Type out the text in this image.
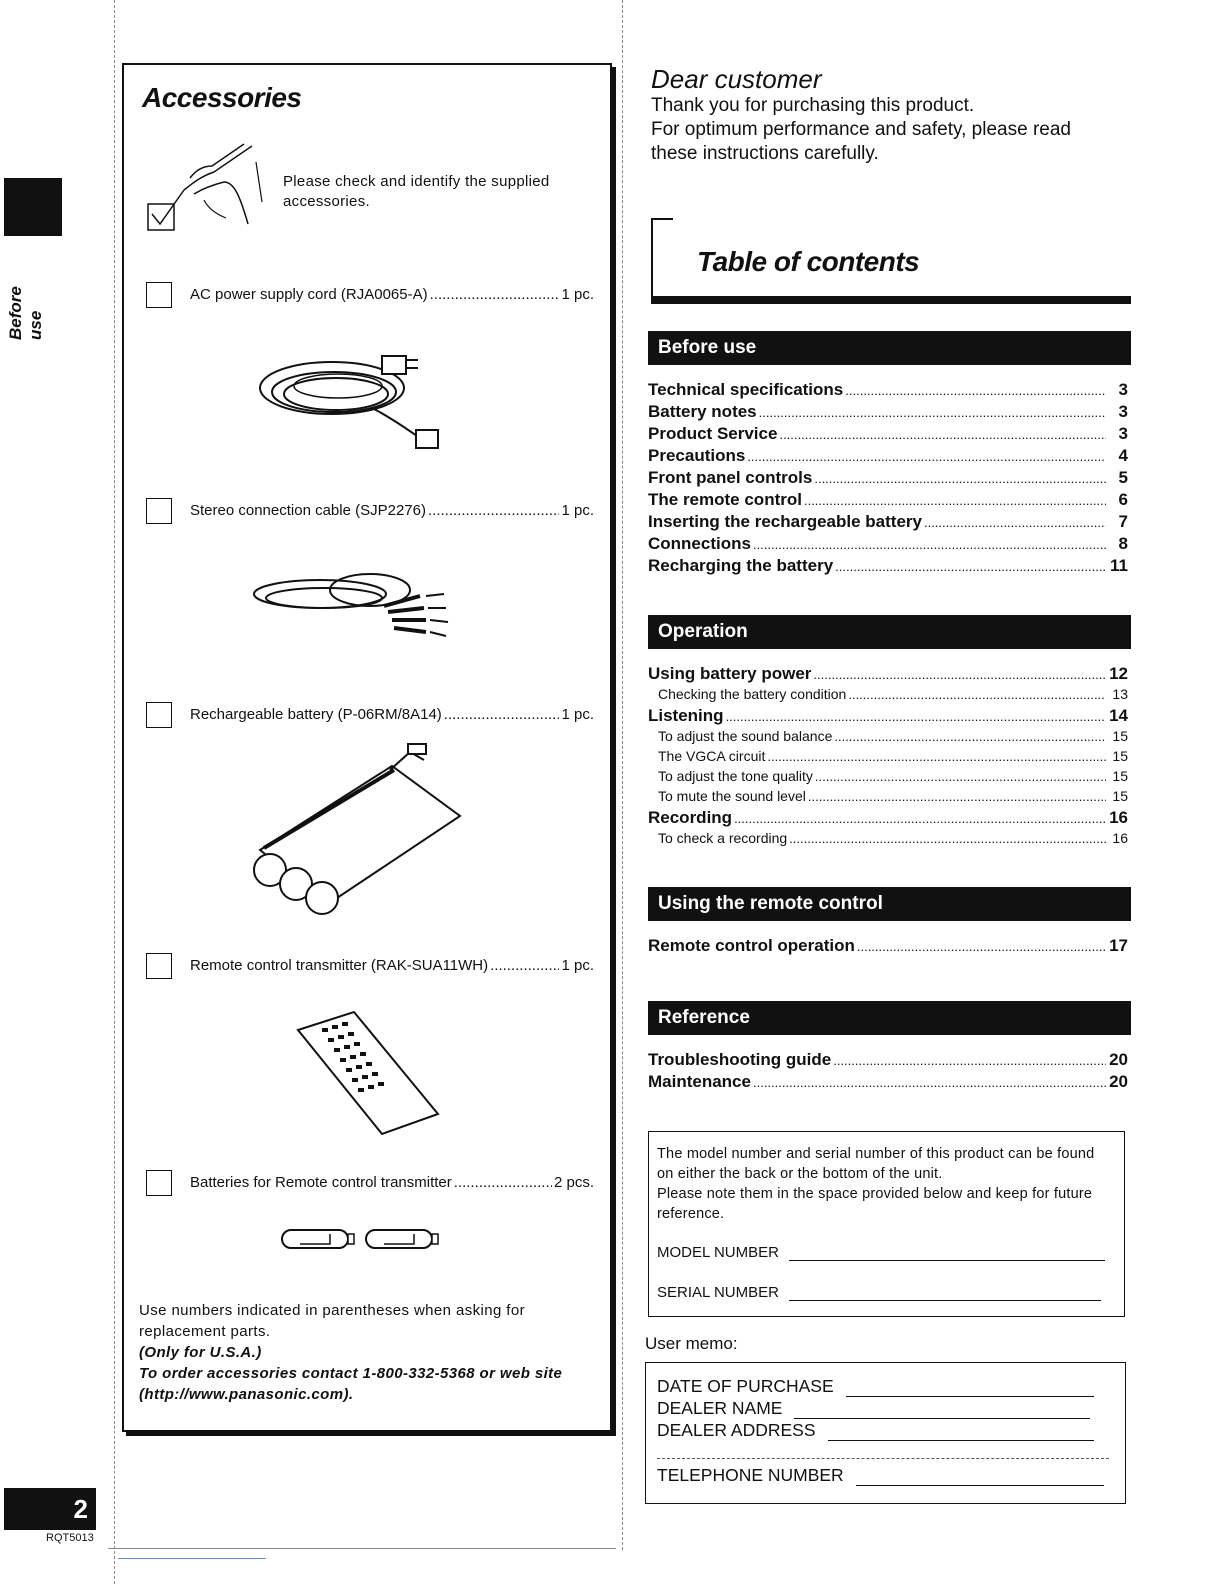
Before use
2
RQT5013
Accessories
Please check and identify the supplied accessories.
AC power supply cord (RJA0065-A) .....	1 pc.
Stereo connection cable (SJP2276) .....	1 pc.
Rechargeable battery (P-06RM/8A14) .....	1 pc.
Remote control transmitter (RAK-SUA11WH) .....	1 pc.
Batteries for Remote control transmitter .....	2 pcs.
Use numbers indicated in parentheses when asking for replacement parts.
(Only for U.S.A.)
To order accessories contact 1-800-332-5368 or web site (http://www.panasonic.com).
Dear customer
Thank you for purchasing this product.
For optimum performance and safety, please read these instructions carefully.
Table of contents
Before use
Technical specifications .....	3
Battery notes .....	3
Product Service .....	3
Precautions .....	4
Front panel controls .....	5
The remote control .....	6
Inserting the rechargeable battery .....	7
Connections .....	8
Recharging the battery .....	11
Operation
Using battery power .....	12
Checking the battery condition .....	13
Listening .....	14
To adjust the sound balance .....	15
The VGCA circuit .....	15
To adjust the tone quality .....	15
To mute the sound level .....	15
Recording .....	16
To check a recording .....	16
Using the remote control
Remote control operation .....	17
Reference
Troubleshooting guide .....	20
Maintenance .....	20
The model number and serial number of this product can be found on either the back or the bottom of the unit.
Please note them in the space provided below and keep for future reference.
MODEL NUMBER
SERIAL NUMBER
User memo:
DATE OF PURCHASE
DEALER NAME
DEALER ADDRESS
TELEPHONE NUMBER
